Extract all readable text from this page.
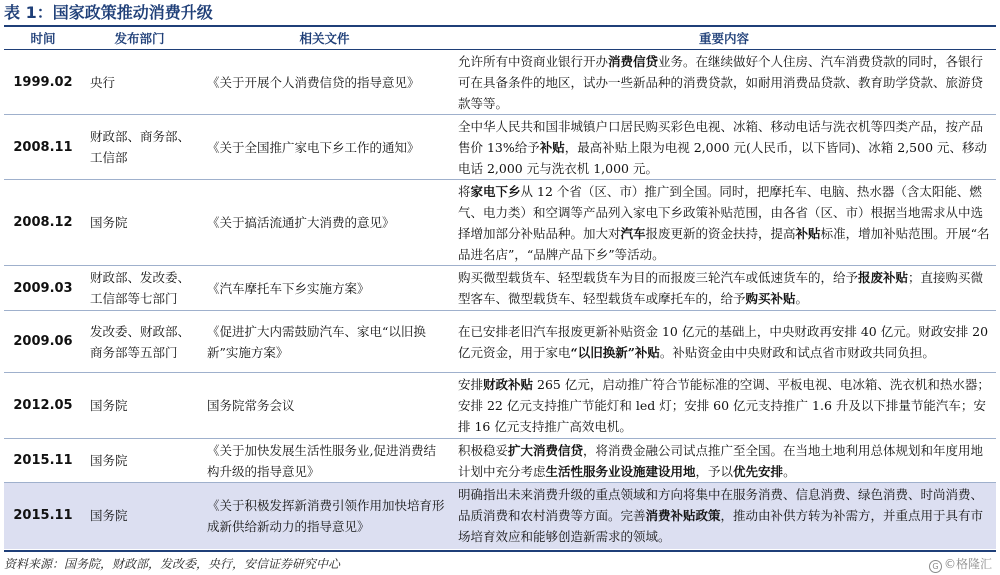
表 1：国家政策推动消费升级
时间	发布部门	相关文件	重要内容
1999.02	央行	《关于开展个人消费信贷的指导意见》	允许所有中资商业银行开办消费信贷业务。在继续做好个人住房、汽车消费贷款的同时，各银行可在具备条件的地区，试办一些新品种的消费贷款，如耐用消费品贷款、教育助学贷款、旅游贷款等等。
2008.11	财政部、商务部、工信部	《关于全国推广家电下乡工作的通知》	全中华人民共和国非城镇户口居民购买彩色电视、冰箱、移动电话与洗衣机等四类产品，按产品售价 13%给予补贴，最高补贴上限为电视 2,000 元(人民币，以下皆同)、冰箱 2,500 元、移动电话 2,000 元与洗衣机 1,000 元。
2008.12	国务院	《关于搞活流通扩大消费的意见》	将家电下乡从 12 个省（区、市）推广到全国。同时，把摩托车、电脑、热水器（含太阳能、燃气、电力类）和空调等产品列入家电下乡政策补贴范围，由各省（区、市）根据当地需求从中选择增加部分补贴品种。加大对汽车报废更新的资金扶持，提高补贴标准，增加补贴范围。开展“名品进名店”，“品牌产品下乡”等活动。
2009.03	财政部、发改委、工信部等七部门	《汽车摩托车下乡实施方案》	购买微型载货车、轻型载货车为目的而报废三轮汽车或低速货车的，给予报废补贴；直接购买微型客车、微型载货车、轻型载货车或摩托车的，给予购买补贴。
2009.06	发改委、财政部、商务部等五部门	《促进扩大内需鼓励汽车、家电“以旧换新”实施方案》	在已安排老旧汽车报废更新补贴资金 10 亿元的基础上，中央财政再安排 40 亿元。财政安排 20 亿元资金，用于家电“以旧换新”补贴。补贴资金由中央财政和试点省市财政共同负担。
2012.05	国务院	国务院常务会议	安排财政补贴 265 亿元，启动推广符合节能标准的空调、平板电视、电冰箱、洗衣机和热水器；安排 22 亿元支持推广节能灯和 led 灯；安排 60 亿元支持推广 1.6 升及以下排量节能汽车；安排 16 亿元支持推广高效电机。
2015.11	国务院	《关于加快发展生活性服务业,促进消费结构升级的指导意见》	积极稳妥扩大消费信贷，将消费金融公司试点推广至全国。在当地土地利用总体规划和年度用地计划中充分考虑生活性服务业设施建设用地，予以优先安排。
2015.11	国务院	《关于积极发挥新消费引领作用加快培育形成新供给新动力的指导意见》	明确指出未来消费升级的重点领域和方向将集中在服务消费、信息消费、绿色消费、时尚消费、品质消费和农村消费等方面。完善消费补贴政策，推动由补供方转为补需方，并重点用于具有市场培育效应和能够创造新需求的领域。
资料来源：国务院，财政部，发改委，央行，安信证券研究中心	G ©格隆汇
